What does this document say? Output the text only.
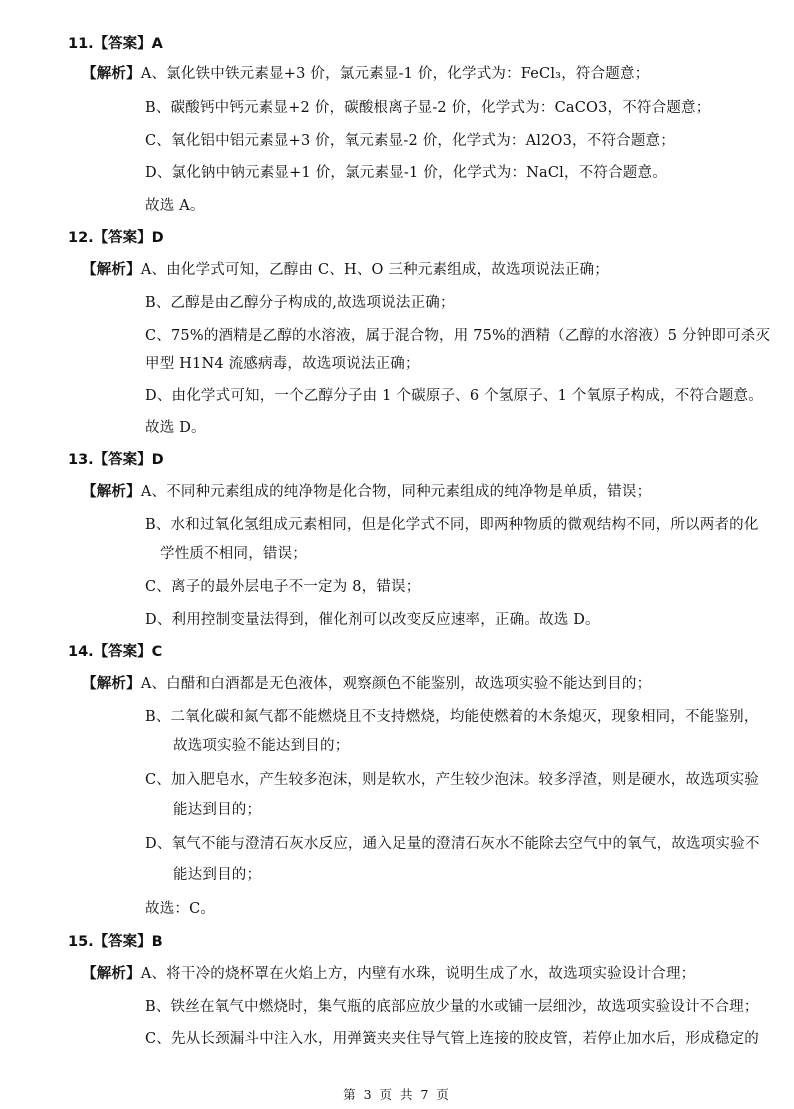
11.【答案】A
【解析】A、氯化铁中铁元素显+3 价，氯元素显-1 价，化学式为：FeCl₃，符合题意；
B、碳酸钙中钙元素显+2 价，碳酸根离子显-2 价，化学式为：CaCO3，不符合题意；
C、氧化铝中铝元素显+3 价，氧元素显-2 价，化学式为：Al2O3，不符合题意；
D、氯化钠中钠元素显+1 价，氯元素显-1 价，化学式为：NaCl，不符合题意。
故选 A。
12.【答案】D
【解析】A、由化学式可知，乙醇由 C、H、O 三种元素组成，故选项说法正确；
B、乙醇是由乙醇分子构成的,故选项说法正确；
C、75%的酒精是乙醇的水溶液，属于混合物，用 75%的酒精（乙醇的水溶液）5 分钟即可杀灭
甲型 H1N4 流感病毒，故选项说法正确；
D、由化学式可知，一个乙醇分子由 1 个碳原子、6 个氢原子、1 个氧原子构成，不符合题意。
故选 D。
13.【答案】D
【解析】A、不同种元素组成的纯净物是化合物，同种元素组成的纯净物是单质，错误；
B、水和过氧化氢组成元素相同，但是化学式不同，即两种物质的微观结构不同，所以两者的化
学性质不相同，错误；
C、离子的最外层电子不一定为 8，错误；
D、利用控制变量法得到，催化剂可以改变反应速率，正确。故选 D。
14.【答案】C
【解析】A、白醋和白酒都是无色液体，观察颜色不能鉴别，故选项实验不能达到目的；
B、二氧化碳和氮气都不能燃烧且不支持燃烧，均能使燃着的木条熄灭，现象相同，不能鉴别，
故选项实验不能达到目的；
C、加入肥皂水，产生较多泡沫，则是软水，产生较少泡沫。较多浮渣，则是硬水，故选项实验
能达到目的；
D、氧气不能与澄清石灰水反应，通入足量的澄清石灰水不能除去空气中的氧气，故选项实验不
能达到目的；
故选：C。
15.【答案】B
【解析】A、将干冷的烧杯罩在火焰上方，内壁有水珠，说明生成了水，故选项实验设计合理；
B、铁丝在氧气中燃烧时，集气瓶的底部应放少量的水或铺一层细沙，故选项实验设计不合理；
C、先从长颈漏斗中注入水，用弹簧夹夹住导气管上连接的胶皮管，若停止加水后，形成稳定的
第 3 页 共 7 页
